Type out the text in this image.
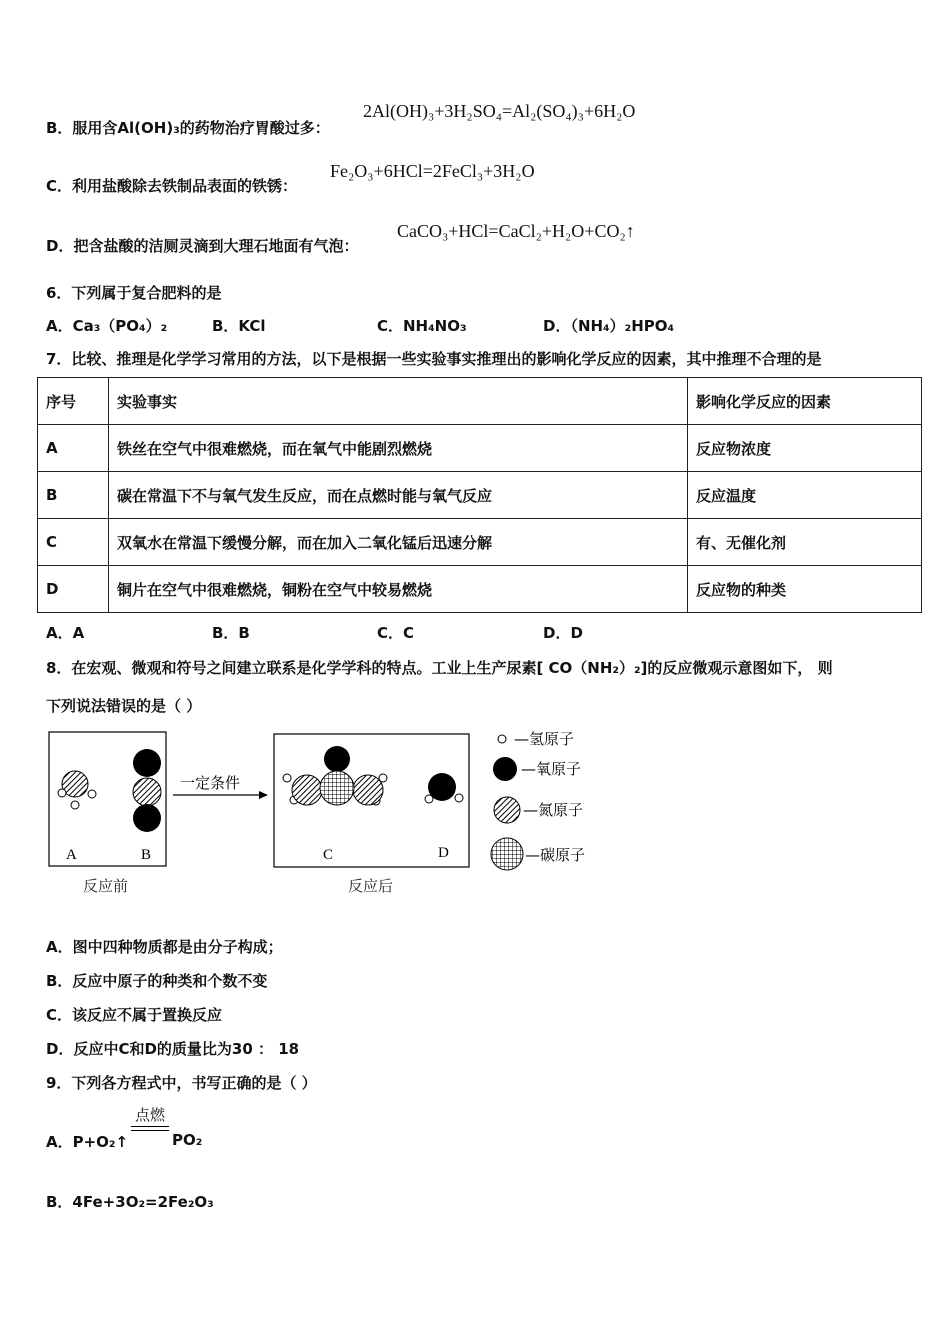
B．服用含Al(OH)₃的药物治疗胃酸过多：
2Al(OH)₃+3H₂SO₄=Al₂(SO₄)₃+6H₂O
C．利用盐酸除去铁制品表面的铁锈：
Fe₂O₃+6HCl=2FeCl₃+3H₂O
D．把含盐酸的洁厕灵滴到大理石地面有气泡：
CaCO₃+HCl=CaCl₂+H₂O+CO₂↑
6．下列属于复合肥料的是
A．Ca₃（PO₄）₂	B．KCl	C．NH₄NO₃	D．（NH₄）₂HPO₄
7．比较、推理是化学学习常用的方法，以下是根据一些实验事实推理出的影响化学反应的因素，其中推理不合理的是
序号	实验事实	影响化学反应的因素
A	铁丝在空气中很难燃烧，而在氧气中能剧烈燃烧	反应物浓度
B	碳在常温下不与氧气发生反应，而在点燃时能与氧气反应	反应温度
C	双氧水在常温下缓慢分解，而在加入二氧化锰后迅速分解	有、无催化剂
D	铜片在空气中很难燃烧，铜粉在空气中较易燃烧	反应物的种类
A．A	B．B	C．C	D．D
8．在宏观、微观和符号之间建立联系是化学学科的特点。工业上生产尿素[ CO（NH₂）₂]的反应微观示意图如下， 则
下列说法错误的是（ ）
A	B
一定条件
C	D
—氢原子
—氧原子
—氮原子
—碳原子
反应前	反应后
A．图中四种物质都是由分子构成；
B．反应中原子的种类和个数不变
C．该反应不属于置换反应
D．反应中C和D的质量比为30 ： 18
9．下列各方程式中，书写正确的是（ ）
A．P+O₂↑
点燃
PO₂
B．4Fe+3O₂=2Fe₂O₃
